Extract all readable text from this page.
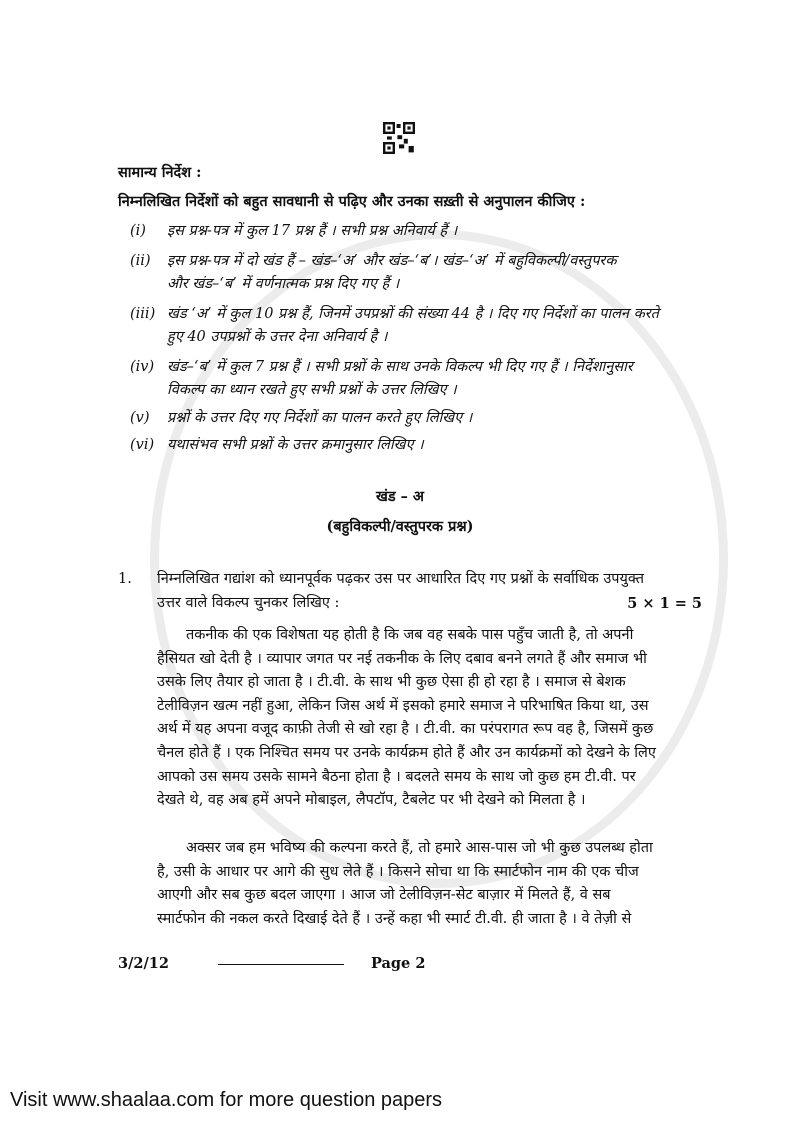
सामान्य निर्देश :
निम्नलिखित निर्देशों को बहुत सावधानी से पढ़िए और उनका सख़्ती से अनुपालन कीजिए :
(i) इस प्रश्न-पत्र में कुल 17 प्रश्न हैं । सभी प्रश्न अनिवार्य हैं ।
(ii) इस प्रश्न-पत्र में दो खंड हैं – खंड–‘अ’ और खंड–‘ब’। खंड–‘अ’ में बहुविकल्पी/वस्तुपरक
और खंड–‘ब’ में वर्णनात्मक प्रश्न दिए गए हैं ।
(iii) खंड ‘अ’ में कुल 10 प्रश्न हैं, जिनमें उपप्रश्नों की संख्या 44 है । दिए गए निर्देशों का पालन करते
हुए 40 उपप्रश्नों के उत्तर देना अनिवार्य है ।
(iv) खंड–‘ब’ में कुल 7 प्रश्न हैं । सभी प्रश्नों के साथ उनके विकल्प भी दिए गए हैं । निर्देशानुसार
विकल्प का ध्यान रखते हुए सभी प्रश्नों के उत्तर लिखिए ।
(v) प्रश्नों के उत्तर दिए गए निर्देशों का पालन करते हुए लिखिए ।
(vi) यथासंभव सभी प्रश्नों के उत्तर क्रमानुसार लिखिए ।
खंड – अ
(बहुविकल्पी/वस्तुपरक प्रश्न)
1. निम्नलिखित गद्यांश को ध्यानपूर्वक पढ़कर उस पर आधारित दिए गए प्रश्नों के सर्वाधिक उपयुक्त
उत्तर वाले विकल्प चुनकर लिखिए :	5 × 1 = 5
3/2/12	Page 2
Visit www.shaalaa.com for more question papers
तकनीक की एक विशेषता यह होती है कि जब वह सबके पास पहुँच जाती है, तो अपनी
हैसियत खो देती है । व्यापार जगत पर नई तकनीक के लिए दबाव बनने लगते हैं और समाज भी
उसके लिए तैयार हो जाता है । टी.वी. के साथ भी कुछ ऐसा ही हो रहा है । समाज से बेशक
टेलीविज़न खत्म नहीं हुआ, लेकिन जिस अर्थ में इसको हमारे समाज ने परिभाषित किया था, उस
अर्थ में यह अपना वजूद काफ़ी तेजी से खो रहा है । टी.वी. का परंपरागत रूप वह है, जिसमें कुछ
चैनल होते हैं । एक निश्चित समय पर उनके कार्यक्रम होते हैं और उन कार्यक्रमों को देखने के लिए
आपको उस समय उसके सामने बैठना होता है । बदलते समय के साथ जो कुछ हम टी.वी. पर
देखते थे, वह अब हमें अपने मोबाइल, लैपटॉप, टैबलेट पर भी देखने को मिलता है ।
अक्सर जब हम भविष्य की कल्पना करते हैं, तो हमारे आस-पास जो भी कुछ उपलब्ध होता
है, उसी के आधार पर आगे की सुध लेते हैं । किसने सोचा था कि स्मार्टफोन नाम की एक चीज
आएगी और सब कुछ बदल जाएगा । आज जो टेलीविज़न-सेट बाज़ार में मिलते हैं, वे सब
स्मार्टफोन की नकल करते दिखाई देते हैं । उन्हें कहा भी स्मार्ट टी.वी. ही जाता है । वे तेज़ी से
